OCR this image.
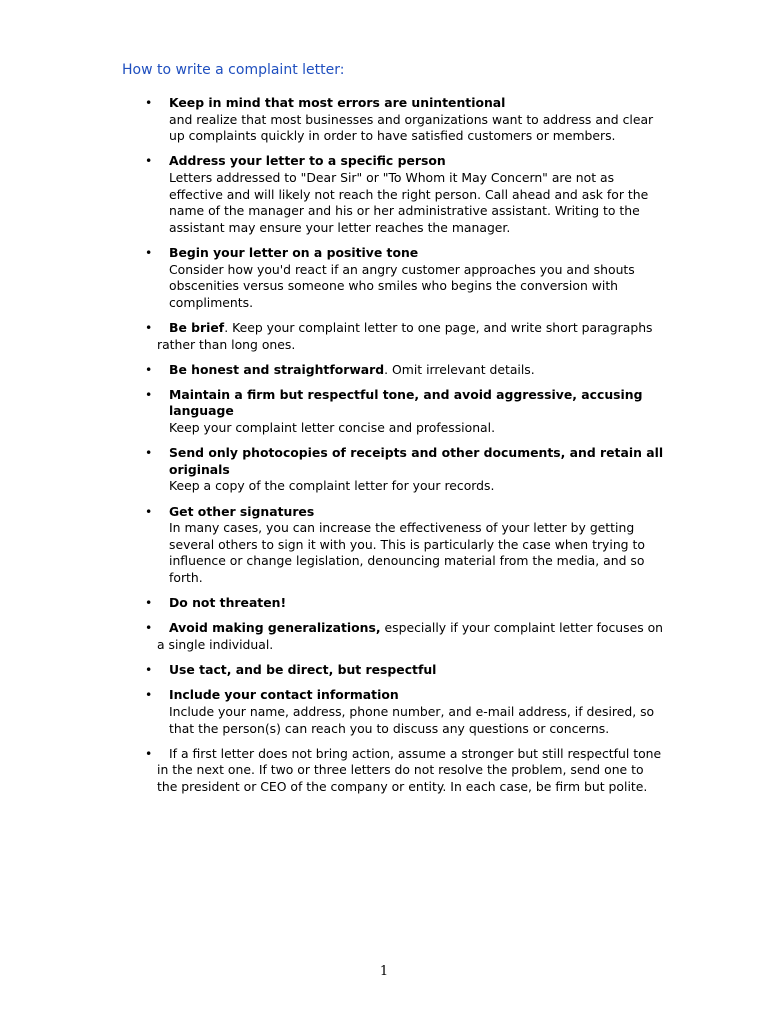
How to write a complaint letter:
•	Keep in mind that most errors are unintentional
and realize that most businesses and organizations want to address and clear up complaints quickly in order to have satisfied customers or members.
•	Address your letter to a specific person
Letters addressed to "Dear Sir" or "To Whom it May Concern" are not as effective and will likely not reach the right person. Call ahead and ask for the name of the manager and his or her administrative assistant. Writing to the assistant may ensure your letter reaches the manager.
•	Begin your letter on a positive tone
Consider how you'd react if an angry customer approaches you and shouts obscenities versus someone who smiles who begins the conversion with compliments.
•	Be brief. Keep your complaint letter to one page, and write short paragraphs rather than long ones.
•	Be honest and straightforward. Omit irrelevant details.
•	Maintain a firm but respectful tone, and avoid aggressive, accusing language
Keep your complaint letter concise and professional.
•	Send only photocopies of receipts and other documents, and retain all originals
Keep a copy of the complaint letter for your records.
•	Get other signatures
In many cases, you can increase the effectiveness of your letter by getting several others to sign it with you. This is particularly the case when trying to influence or change legislation, denouncing material from the media, and so forth.
•	Do not threaten!
•	Avoid making generalizations, especially if your complaint letter focuses on a single individual.
•	Use tact, and be direct, but respectful
•	Include your contact information
Include your name, address, phone number, and e-mail address, if desired, so that the person(s) can reach you to discuss any questions or concerns.
•	If a first letter does not bring action, assume a stronger but still respectful tone in the next one. If two or three letters do not resolve the problem, send one to the president or CEO of the company or entity. In each case, be firm but polite.
1
